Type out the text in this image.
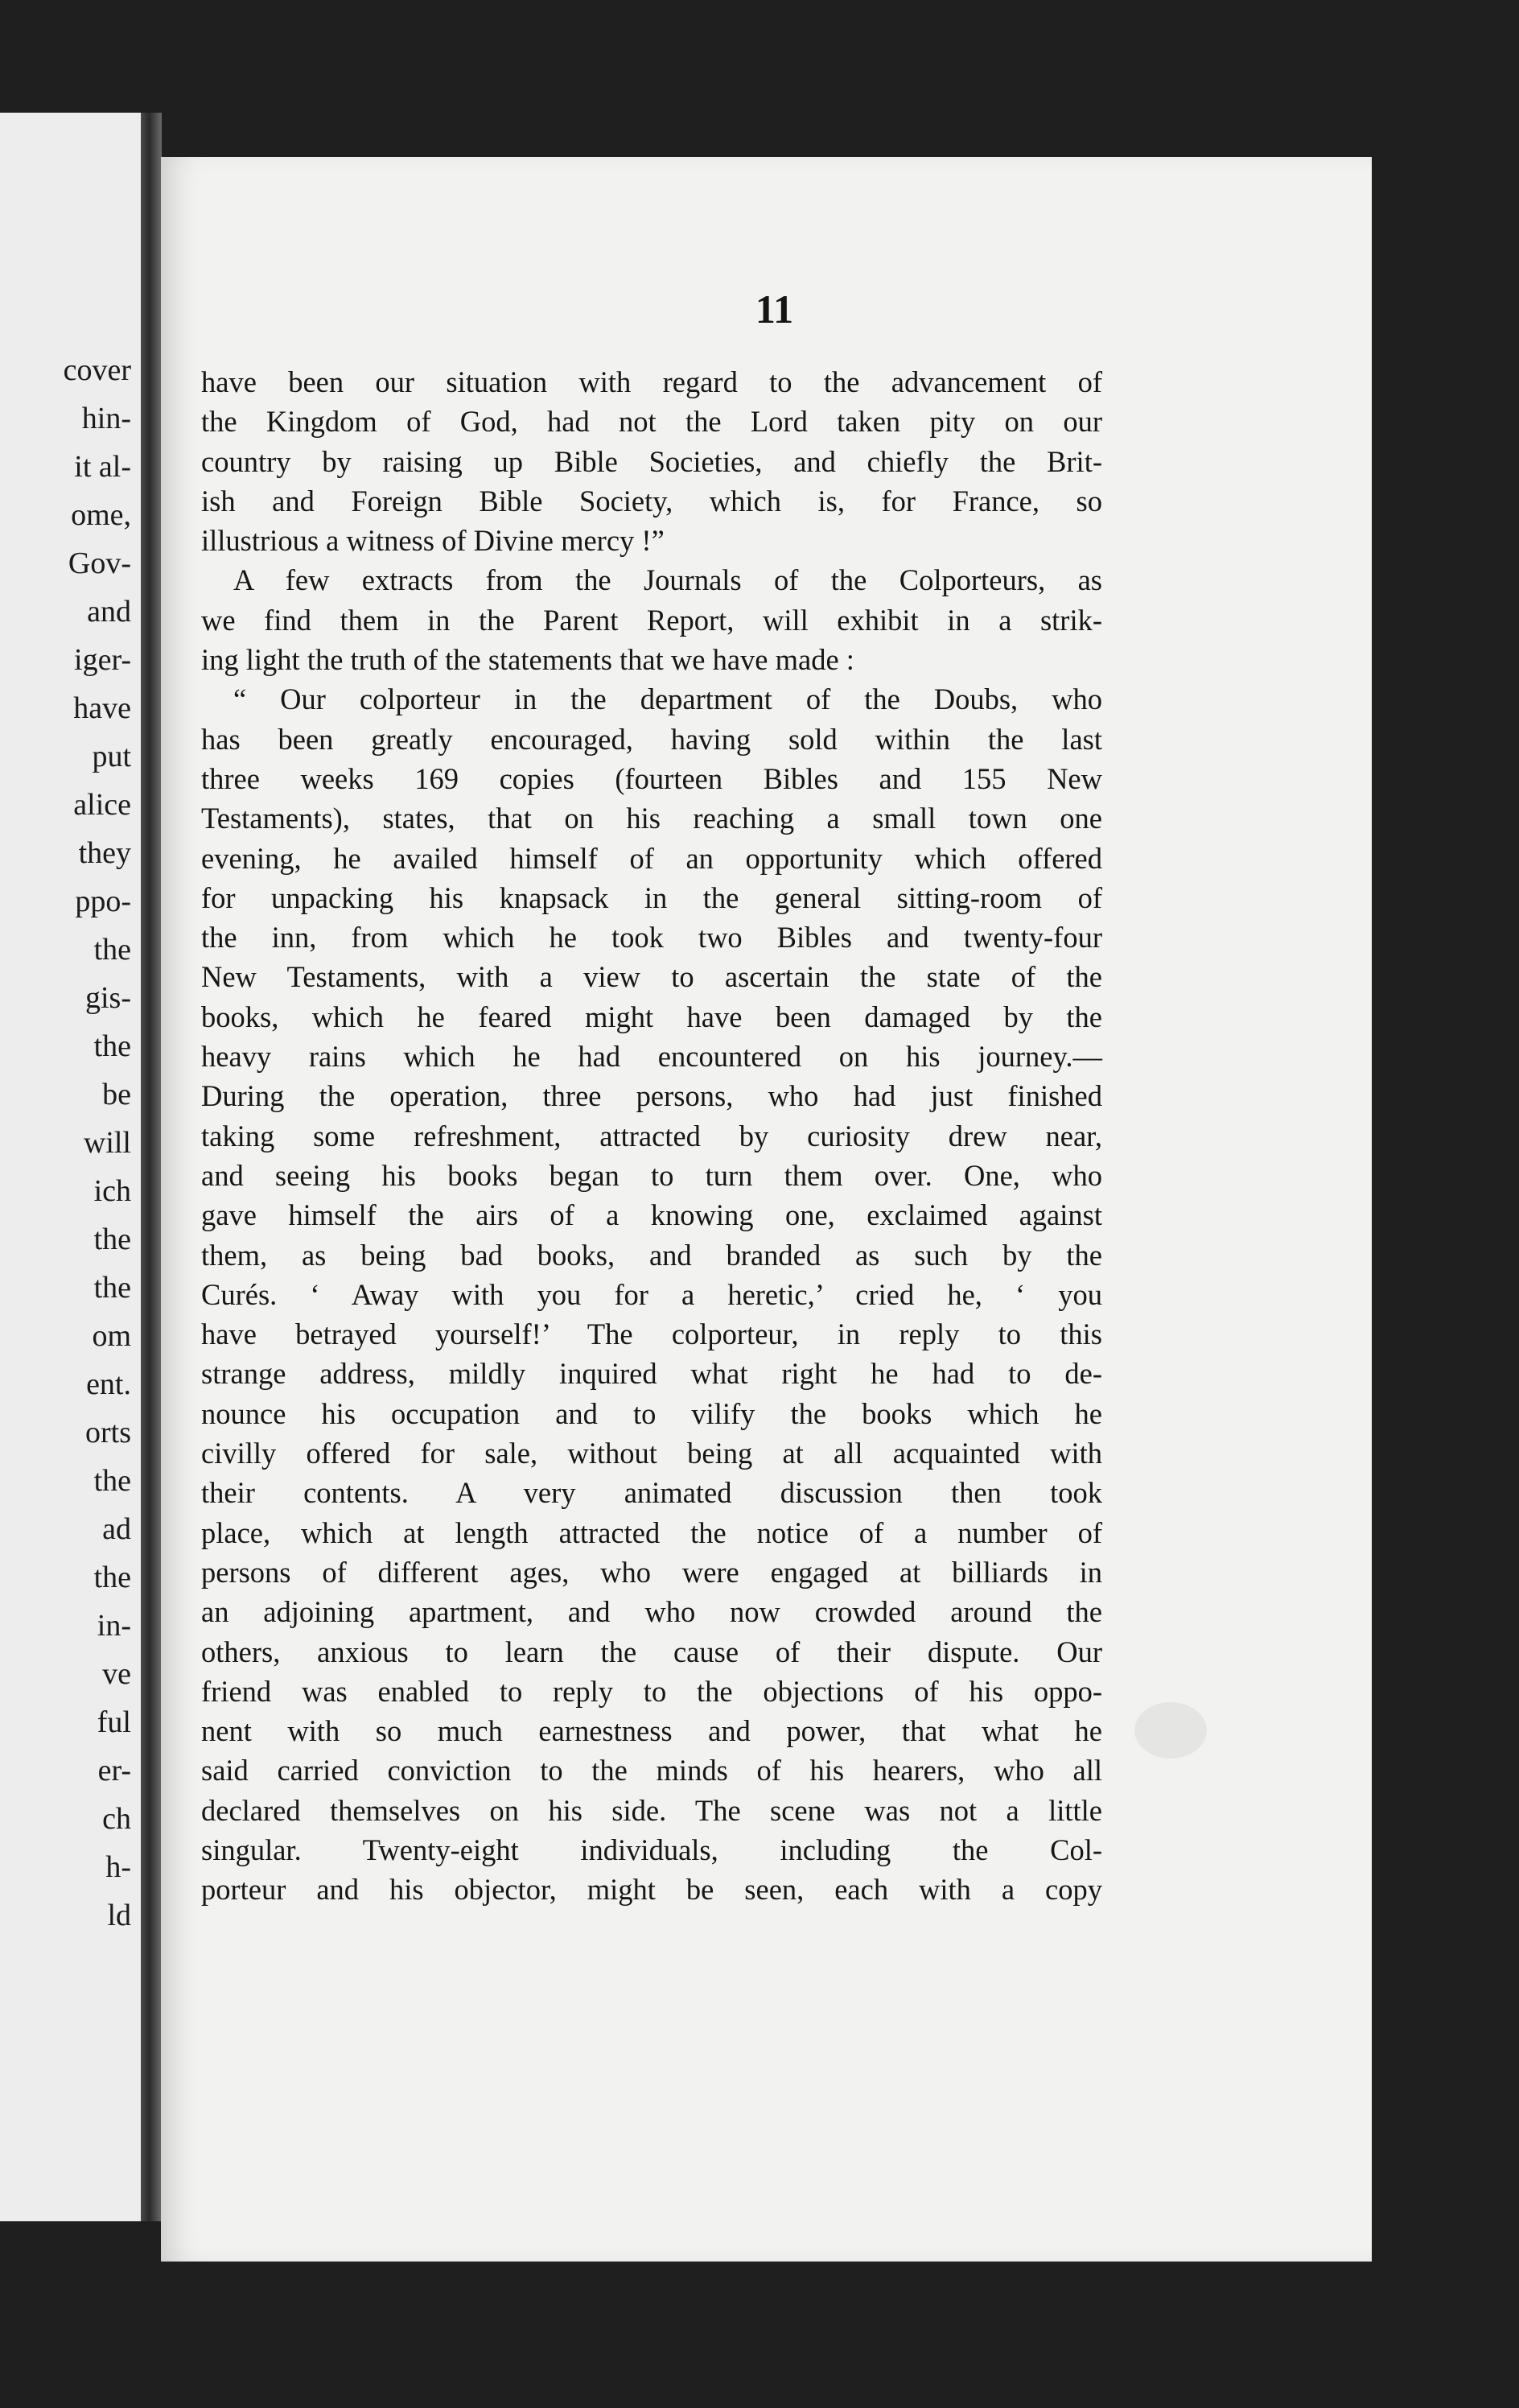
cover
hin-
it al-
ome,
Gov-
and
iger-
have
put
alice
they
ppo-
the
gis-
the
be
will
ich
the
the
om
ent.
orts
the
ad
the
in-
ve
ful
er-
ch
h-
ld
11
have been our situation with regard to the advancement of
the Kingdom of God, had not the Lord taken pity on our
country by raising up Bible Societies, and chiefly the Brit-
ish and Foreign Bible Society, which is, for France, so
illustrious a witness of Divine mercy !”
A few extracts from the Journals of the Colporteurs, as
we find them in the Parent Report, will exhibit in a strik-
ing light the truth of the statements that we have made :
“ Our colporteur in the department of the Doubs, who
has been greatly encouraged, having sold within the last
three weeks 169 copies (fourteen Bibles and 155 New
Testaments), states, that on his reaching a small town one
evening, he availed himself of an opportunity which offered
for unpacking his knapsack in the general sitting-room of
the inn, from which he took two Bibles and twenty-four
New Testaments, with a view to ascertain the state of the
books, which he feared might have been damaged by the
heavy rains which he had encountered on his journey.—
During the operation, three persons, who had just finished
taking some refreshment, attracted by curiosity drew near,
and seeing his books began to turn them over. One, who
gave himself the airs of a knowing one, exclaimed against
them, as being bad books, and branded as such by the
Curés. ‘ Away with you for a heretic,’ cried he, ‘ you
have betrayed yourself!’ The colporteur, in reply to this
strange address, mildly inquired what right he had to de-
nounce his occupation and to vilify the books which he
civilly offered for sale, without being at all acquainted with
their contents. A very animated discussion then took
place, which at length attracted the notice of a number of
persons of different ages, who were engaged at billiards in
an adjoining apartment, and who now crowded around the
others, anxious to learn the cause of their dispute. Our
friend was enabled to reply to the objections of his oppo-
nent with so much earnestness and power, that what he
said carried conviction to the minds of his hearers, who all
declared themselves on his side. The scene was not a little
singular. Twenty-eight individuals, including the Col-
porteur and his objector, might be seen, each with a copy
